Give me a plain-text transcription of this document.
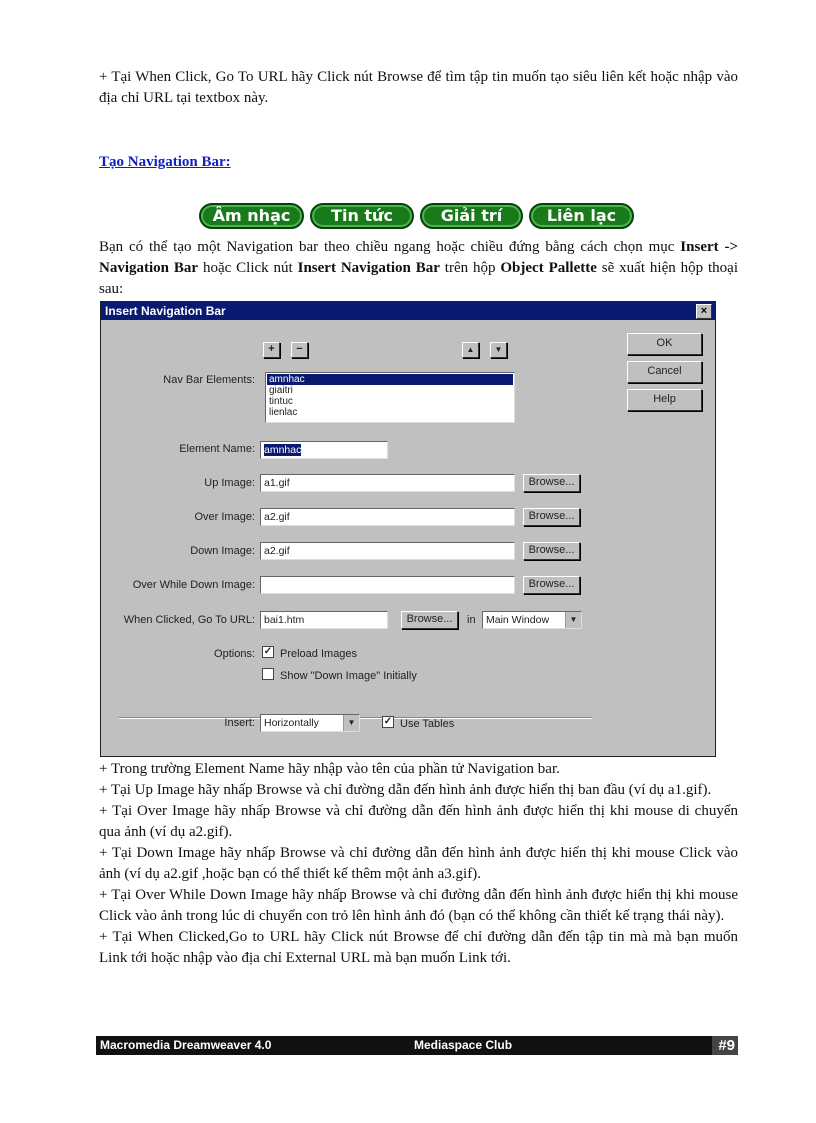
+ Tại When Click, Go To URL hãy Click nút Browse để tìm tập tin muốn tạo siêu liên kết hoặc nhập vào địa chỉ URL tại textbox này.
Tạo Navigation Bar:
Âm nhạc	Tin tức	Giải trí	Liên lạc
Bạn có thể tạo một Navigation bar theo chiều ngang hoặc chiều đứng bằng cách chọn mục Insert -> Navigation Bar hoặc Click nút Insert Navigation Bar trên hộp Object Pallette sẽ xuất hiện hộp thoại sau:
Insert Navigation Bar	×
+	−	▲	▼
Nav Bar Elements: amnhac
giaitri
tintuc
lienlac
Element Name: amnhac
Up Image: a1.gif	Browse...
Over Image: a2.gif	Browse...
Down Image: a2.gif	Browse...
Over While Down Image:	Browse...
When Clicked, Go To URL: bai1.htm	Browse...	in Main Window	▼
Options: ✓ Preload Images
Show "Down Image" Initially
Insert: Horizontally	▼	✓ Use Tables
OK
Cancel
Help
+ Trong trường Element Name hãy nhập vào tên của phần tử Navigation bar.
+ Tại Up Image hãy nhấp Browse và chỉ đường dẫn đến hình ảnh được hiển thị ban đầu (ví dụ a1.gif).
+ Tại Over Image hãy nhấp Browse và chỉ đường dẫn đến hình ảnh được hiển thị khi mouse di chuyển qua ảnh (ví dụ a2.gif).
+ Tại Down Image hãy nhấp Browse và chỉ đường dẫn đến hình ảnh được hiển thị khi mouse Click vào ảnh (ví dụ a2.gif ,hoặc bạn có thể thiết kế thêm một ảnh a3.gif).
+ Tại Over While Down Image hãy nhấp Browse và chỉ đường dẫn đến hình ảnh được hiển thị khi mouse Click vào ảnh trong lúc di chuyển con trỏ lên hình ảnh đó (bạn có thể không cần thiết kế trạng thái này).
+ Tại When Clicked,Go to URL hãy Click nút Browse để chỉ đường dẫn đến tập tin mà mà bạn muốn Link tới hoặc nhập vào địa chỉ External URL mà bạn muốn Link tới.
Macromedia Dreamweaver 4.0	Mediaspace Club	#9
